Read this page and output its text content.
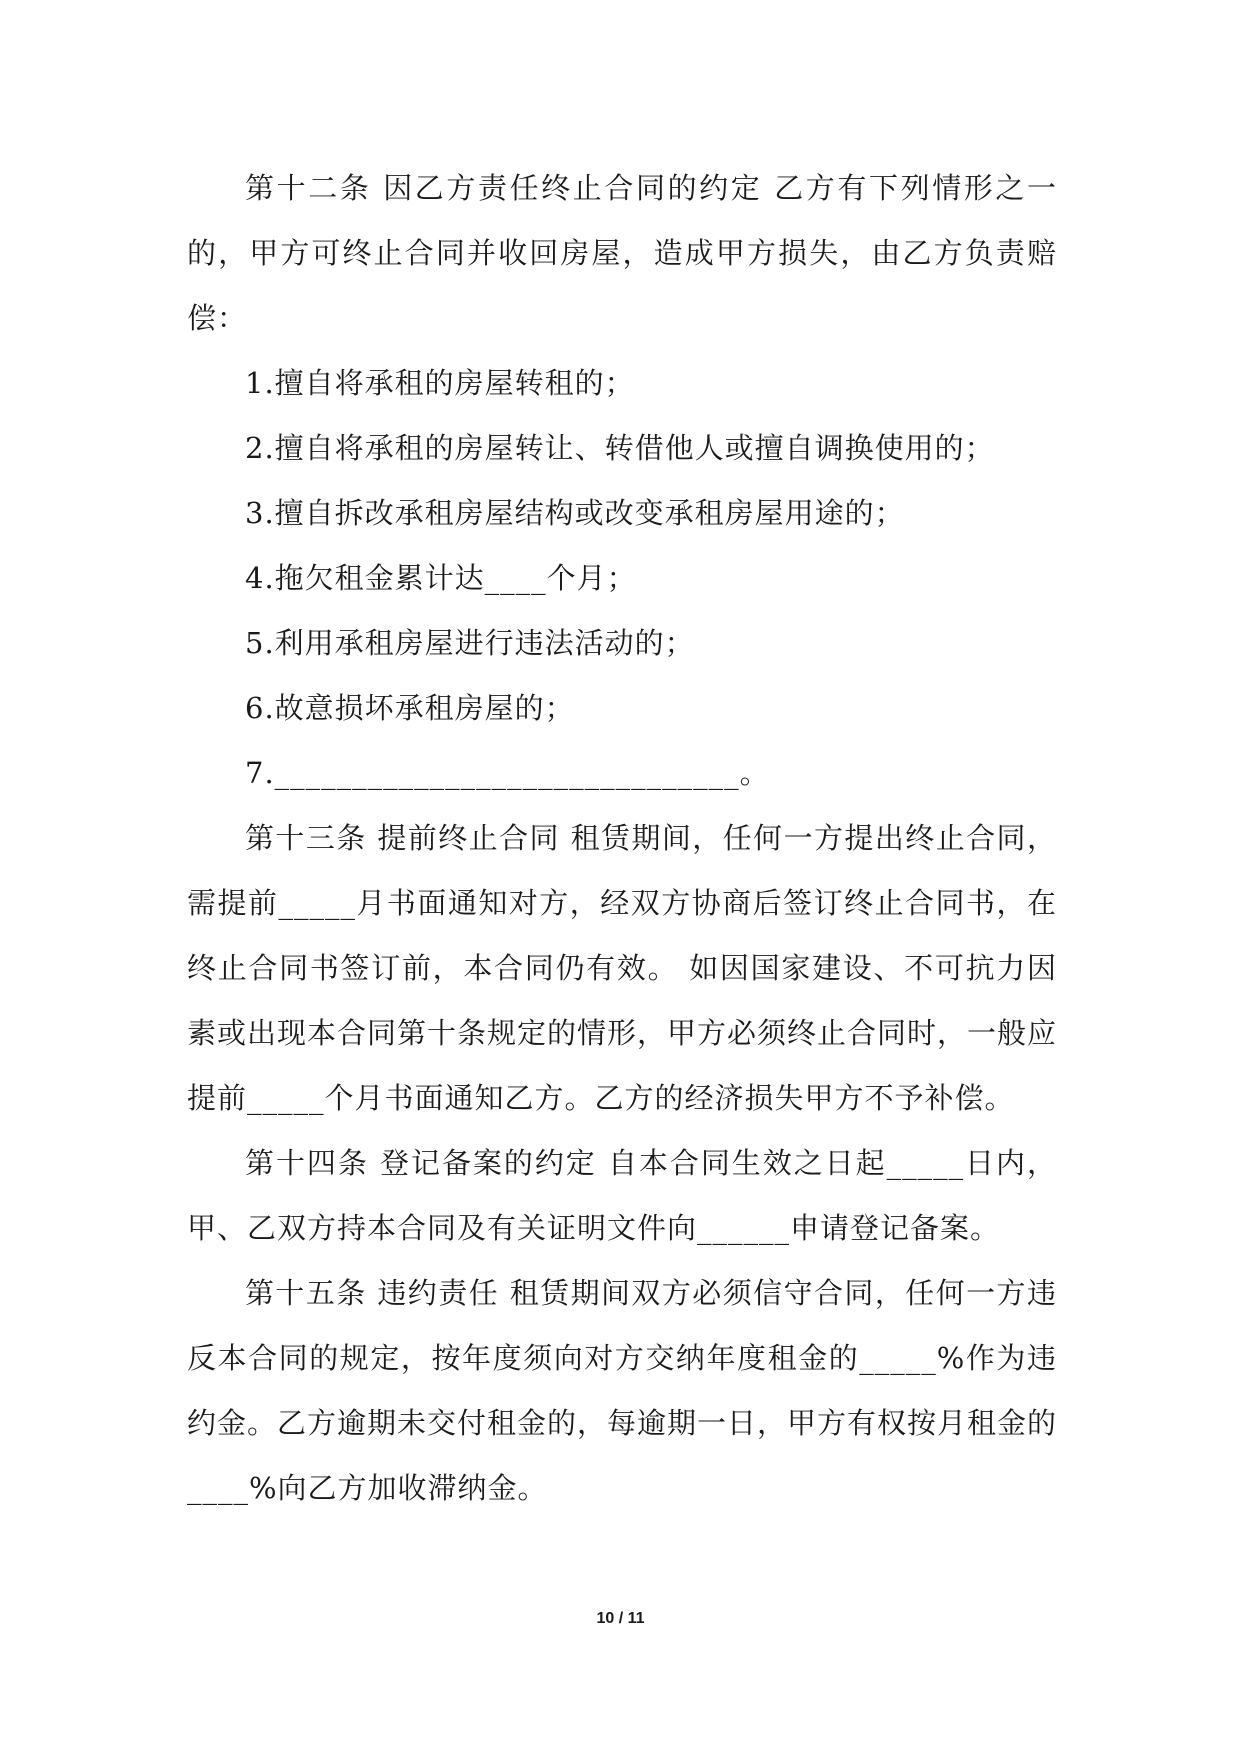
第十二条 因乙方责任终止合同的约定 乙方有下列情形之一的，甲方可终止合同并收回房屋，造成甲方损失，由乙方负责赔偿：

1.擅自将承租的房屋转租的；

2.擅自将承租的房屋转让、转借他人或擅自调换使用的；

3.擅自拆改承租房屋结构或改变承租房屋用途的；

4.拖欠租金累计达____个月；

5.利用承租房屋进行违法活动的；

6.故意损坏承租房屋的；

7.______________________________。

第十三条 提前终止合同 租赁期间，任何一方提出终止合同，需提前_____月书面通知对方，经双方协商后签订终止合同书，在终止合同书签订前，本合同仍有效。 如因国家建设、不可抗力因素或出现本合同第十条规定的情形，甲方必须终止合同时，一般应提前_____个月书面通知乙方。乙方的经济损失甲方不予补偿。

第十四条 登记备案的约定 自本合同生效之日起_____日内，甲、乙双方持本合同及有关证明文件向______申请登记备案。

第十五条 违约责任 租赁期间双方必须信守合同，任何一方违反本合同的规定，按年度须向对方交纳年度租金的_____%作为违约金。乙方逾期未交付租金的，每逾期一日，甲方有权按月租金的____%向乙方加收滞纳金。

10 / 11
